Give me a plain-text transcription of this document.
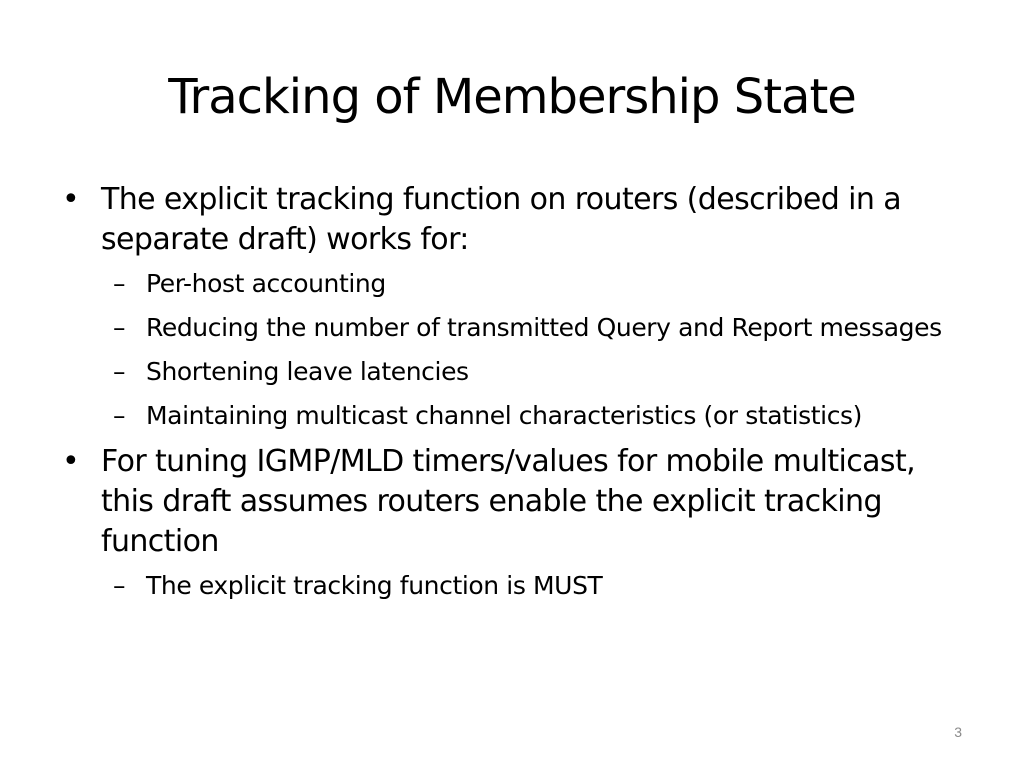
Tracking of Membership State
• The explicit tracking function on routers (described in a separate draft) works for:
– Per-host accounting
– Reducing the number of transmitted Query and Report messages
– Shortening leave latencies
– Maintaining multicast channel characteristics (or statistics)
• For tuning IGMP/MLD timers/values for mobile multicast, this draft assumes routers enable the explicit tracking function
– The explicit tracking function is MUST
3
